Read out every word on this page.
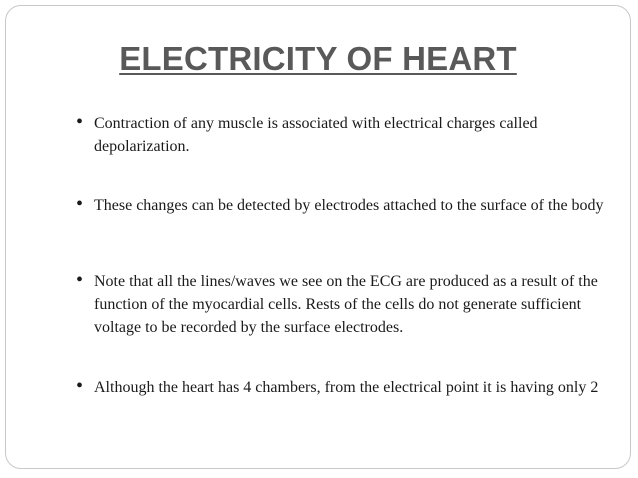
ELECTRICITY OF HEART
• Contraction of any muscle is associated with electrical charges called depolarization.
• These changes can be detected by electrodes attached to the surface of the body
• Note that all the lines/waves we see on the ECG are produced as a result of the function of the myocardial cells. Rests of the cells do not generate sufficient voltage to be recorded by the surface electrodes.
• Although the heart has 4 chambers, from the electrical point it is having only 2
